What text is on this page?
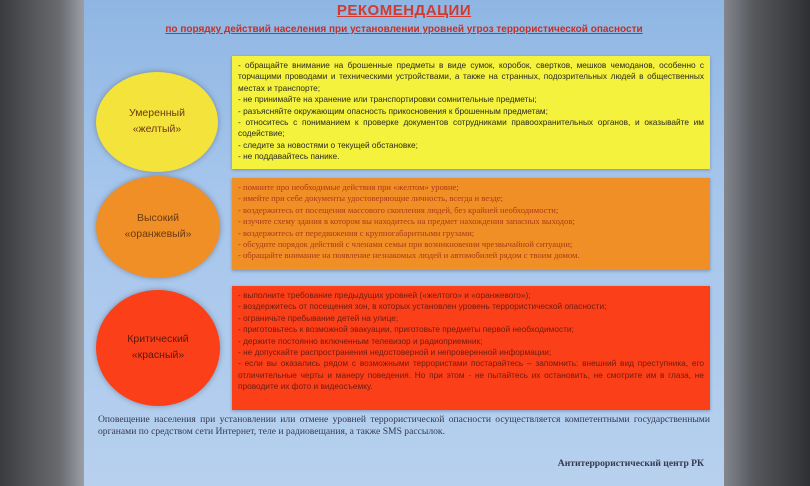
РЕКОМЕНДАЦИИ
по порядку действий населения при установлении уровней угроз террористической опасности
Умеренный
«желтый»
- обращайте внимание на брошенные предметы в виде сумок, коробок, свертков, мешков чемоданов, особенно с торчащими проводами и техническими устройствами, а также на странных, подозрительных людей в общественных местах и транспорте;
- не принимайте на хранение или транспортировки сомнительные предметы;
- разъясняйте окружающим опасность прикосновения к брошенным предметам;
- относитесь с пониманием к проверке документов сотрудниками правоохранительных органов, и оказывайте им содействие;
- следите за новостями о текущей обстановке;
- не поддавайтесь панике.
Высокий
«оранжевый»
- помните про необходимые действия при «желтом» уровне;
- имейте при себе документы удостоверяющие личность, всегда и везде;
- воздержитесь от посещения массового скопления людей, без крайней необходимости;
- изучите схему здания в котором вы находитесь на предмет нахождения запасных выходов;
- воздержитесь от передвижения с крупногабаритными грузами;
- обсудите порядок действий с членами семьи при возникновении чрезвычайной ситуации;
- обращайте внимание на появление незнакомых людей и автомобилей рядом с твоим домом.
Критический
«красный»
- выполните требование предыдущих уровней («желтого» и «оранжевого»);
- воздержитесь от посещения зон, в которых установлен уровень террористической опасности;
- ограничьте пребывание детей на улице;
- приготовьтесь к возможной эвакуации, приготовьте предметы первой необходимости;
- держите постоянно включенным телевизор и радиоприемник;
- не допускайте распространения недостоверной и непроверенной информации;
- если вы оказались рядом с возможными террористами постарайтесь – запомнить: внешний вид преступника, его отличительные черты и манеру поведения. Но при этом - не пытайтесь их остановить, не смотрите им в глаза, не проводите их фото и видеосъемку.
Оповещение населения при установлении или отмене уровней террористической опасности осуществляется компетентными государственными органами по средством сети Интернет, теле и радиовещания, а также SMS рассылок.
Антитеррористический центр РК
